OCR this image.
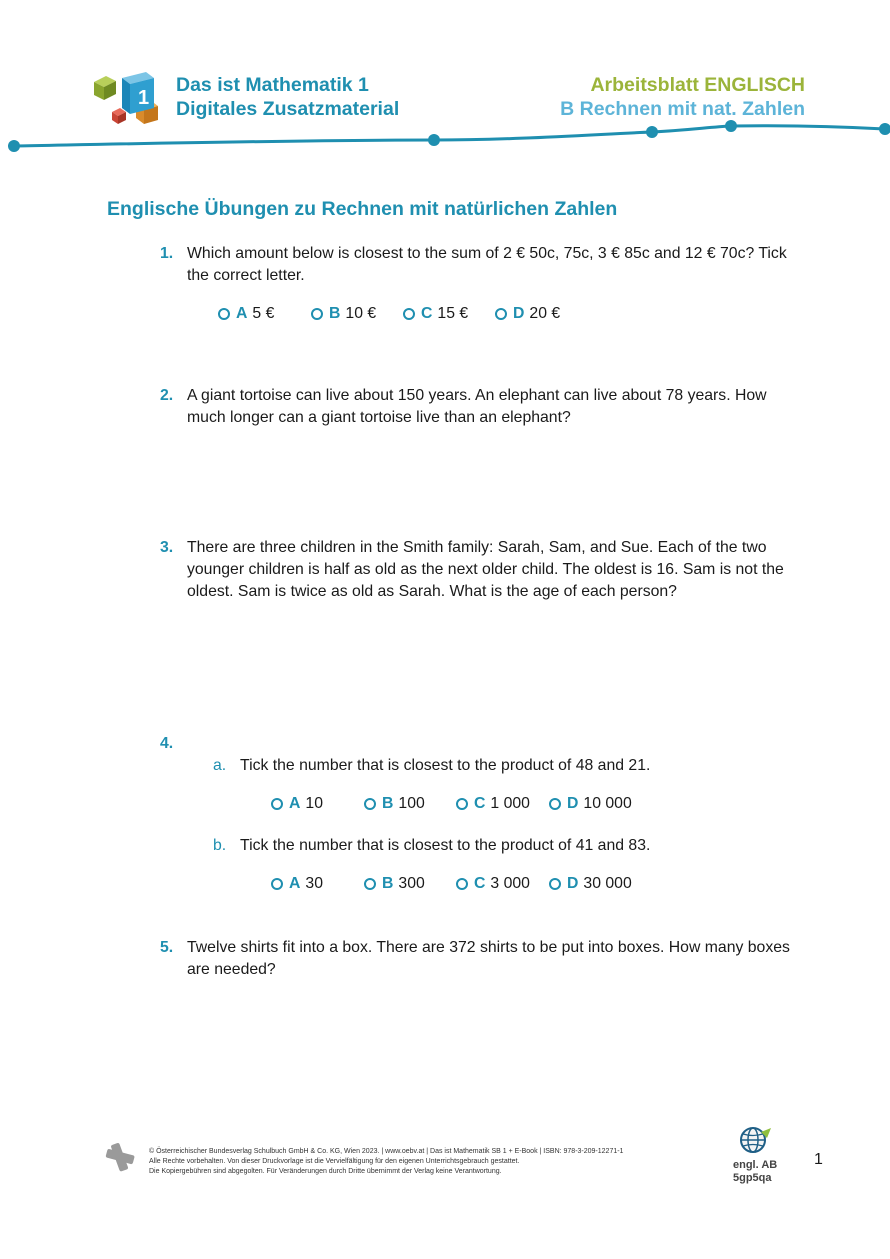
1
Das ist Mathematik 1
Digitales Zusatzmaterial
Arbeitsblatt ENGLISCH
B Rechnen mit nat. Zahlen
Englische Übungen zu Rechnen mit natürlichen Zahlen
1. Which amount below is closest to the sum of 2 € 50c, 75c, 3 € 85c and 12 € 70c? Tick the correct letter.
A 5 €	B 10 €	C 15 €	D 20 €
2. A giant tortoise can live about 150 years. An elephant can live about 78 years. How much longer can a giant tortoise live than an elephant?
3. There are three children in the Smith family: Sarah, Sam, and Sue. Each of the two younger children is half as old as the next older child. The oldest is 16. Sam is not the oldest. Sam is twice as old as Sarah. What is the age of each person?
4.
a. Tick the number that is closest to the product of 48 and 21.
A 10	B 100	C 1 000 D 10 000
b. Tick the number that is closest to the product of 41 and 83.
A 30	B 300	C 3 000 D 30 000
5. Twelve shirts fit into a box. There are 372 shirts to be put into boxes. How many boxes are needed?
© Österreichischer Bundesverlag Schulbuch GmbH & Co. KG, Wien 2023. | www.oebv.at | Das ist Mathematik SB 1 + E-Book | ISBN: 978-3-209-12271-1
Alle Rechte vorbehalten. Von dieser Druckvorlage ist die Vervielfältigung für den eigenen Unterrichtsgebrauch gestattet.
Die Kopiergebühren sind abgegolten. Für Veränderungen durch Dritte übernimmt der Verlag keine Verantwortung.
engl. AB
5gp5qa
1
